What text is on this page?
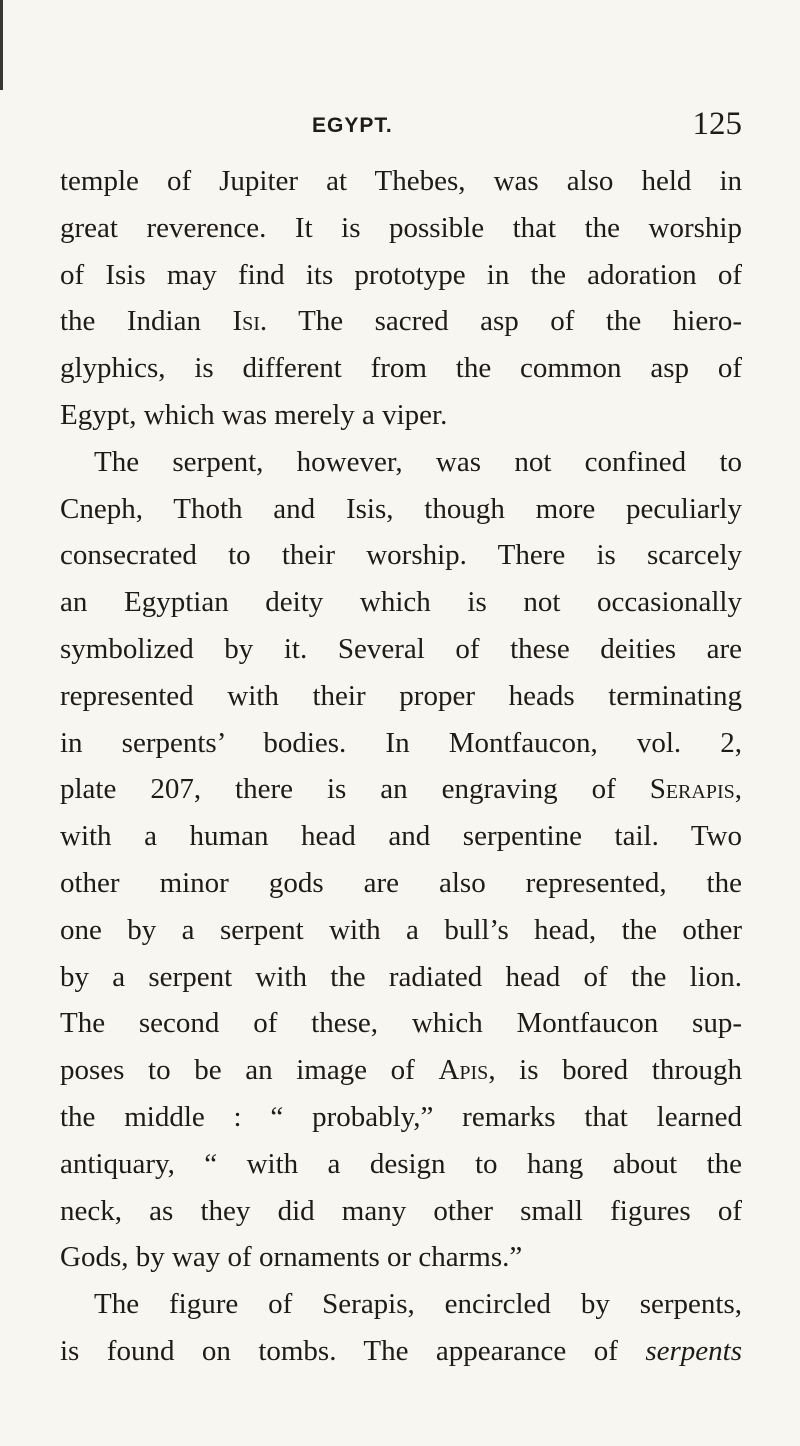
EGYPT.	125
temple of Jupiter at Thebes, was also held in
great reverence. It is possible that the worship
of Isis may find its prototype in the adoration of
the Indian Isi. The sacred asp of the hiero-
glyphics, is different from the common asp of
Egypt, which was merely a viper.
The serpent, however, was not confined to
Cneph, Thoth and Isis, though more peculiarly
consecrated to their worship. There is scarcely
an Egyptian deity which is not occasionally
symbolized by it. Several of these deities are
represented with their proper heads terminating
in serpents’ bodies. In Montfaucon, vol. 2,
plate 207, there is an engraving of Serapis,
with a human head and serpentine tail. Two
other minor gods are also represented, the
one by a serpent with a bull’s head, the other
by a serpent with the radiated head of the lion.
The second of these, which Montfaucon sup-
poses to be an image of Apis, is bored through
the middle : “ probably,” remarks that learned
antiquary, “ with a design to hang about the
neck, as they did many other small figures of
Gods, by way of ornaments or charms.”
The figure of Serapis, encircled by serpents,
is found on tombs. The appearance of serpents
